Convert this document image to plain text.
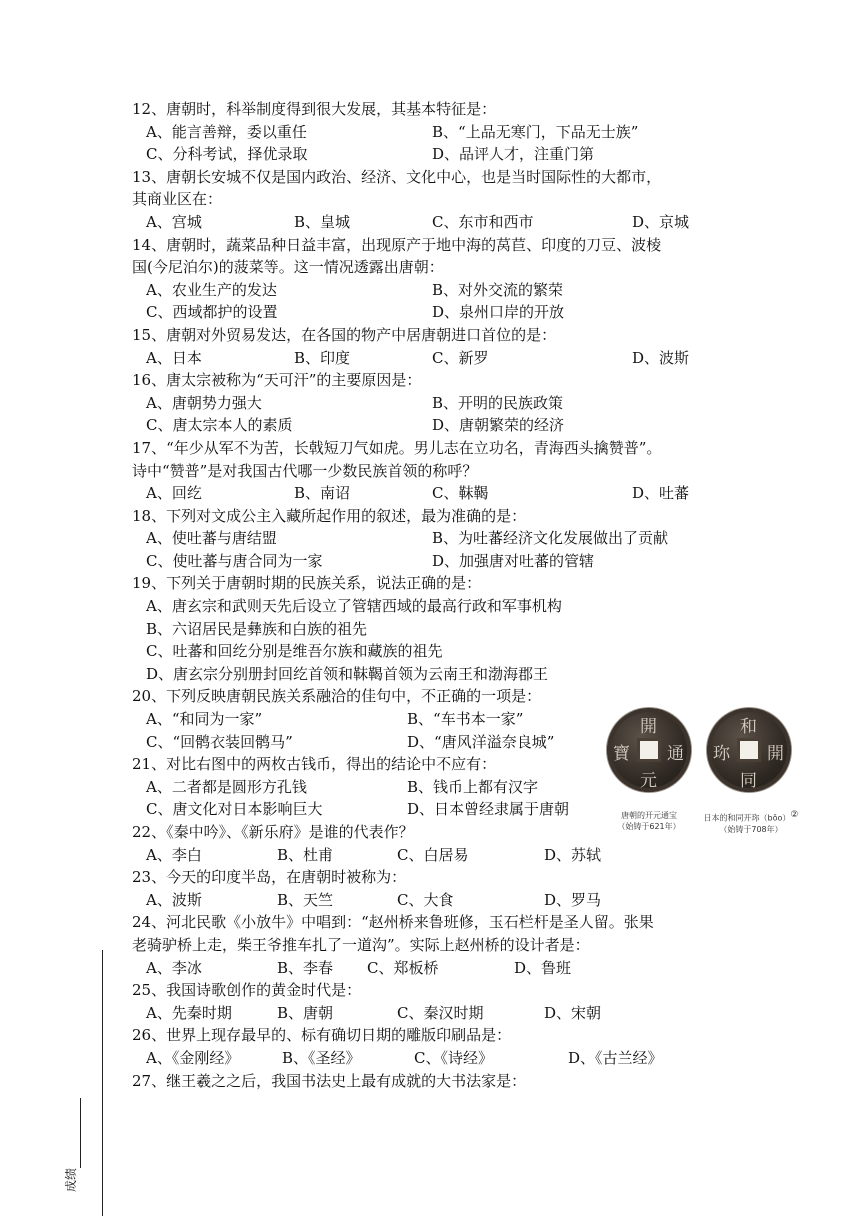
12、唐朝时，科举制度得到很大发展，其基本特征是：
A、能言善辩，委以重任	B、“上品无寒门，下品无士族”
C、分科考试，择优录取	D、品评人才，注重门第
13、唐朝长安城不仅是国内政治、经济、文化中心，也是当时国际性的大都市，
其商业区在：
A、宫城	B、皇城	C、东市和西市	D、京城
14、唐朝时，蔬菜品种日益丰富，出现原产于地中海的莴苣、印度的刀豆、波棱
国(今尼泊尔)的菠菜等。这一情况透露出唐朝：
A、农业生产的发达	B、对外交流的繁荣
C、西域都护的设置	D、泉州口岸的开放
15、唐朝对外贸易发达，在各国的物产中居唐朝进口首位的是：
A、日本	B、印度	C、新罗	D、波斯
16、唐太宗被称为“天可汗”的主要原因是：
A、唐朝势力强大	B、开明的民族政策
C、唐太宗本人的素质	D、唐朝繁荣的经济
17、“年少从军不为苦，长戟短刀气如虎。男儿志在立功名，青海西头擒赞普”。
诗中“赞普”是对我国古代哪一少数民族首领的称呼？
A、回纥	B、南诏	C、靺鞨	D、吐蕃
18、下列对文成公主入藏所起作用的叙述，最为准确的是：
A、使吐蕃与唐结盟	B、为吐蕃经济文化发展做出了贡献
C、使吐蕃与唐合同为一家	D、加强唐对吐蕃的管辖
19、下列关于唐朝时期的民族关系，说法正确的是：
A、唐玄宗和武则天先后设立了管辖西域的最高行政和军事机构
B、六诏居民是彝族和白族的祖先
C、吐蕃和回纥分别是维吾尔族和藏族的祖先
D、唐玄宗分别册封回纥首领和靺鞨首领为云南王和渤海郡王
20、下列反映唐朝民族关系融洽的佳句中，不正确的一项是：
A、“和同为一家”	B、“车书本一家”
C、“回鹘衣装回鹘马”	D、“唐风洋溢奈良城”
21、对比右图中的两枚古钱币，得出的结论中不应有：
A、二者都是圆形方孔钱	B、钱币上都有汉字
C、唐文化对日本影响巨大	D、日本曾经隶属于唐朝
22、《秦中吟》、《新乐府》是谁的代表作？
A、李白	B、杜甫	C、白居易	D、苏轼
23、今天的印度半岛，在唐朝时被称为：
A、波斯	B、天竺	C、大食	D、罗马
24、河北民歌《小放牛》中唱到：“赵州桥来鲁班修，玉石栏杆是圣人留。张果
老骑驴桥上走，柴王爷推车扎了一道沟”。实际上赵州桥的设计者是：
A、李冰	B、李春 C、郑板桥	D、鲁班
25、我国诗歌创作的黄金时代是：
A、先秦时期	B、唐朝	C、秦汉时期	D、宋朝
26、世界上现存最早的、标有确切日期的雕版印刷品是：
A、《金刚经》	B、《圣经》	C、《诗经》	D、《古兰经》
27、继王羲之之后，我国书法史上最有成就的大书法家是：
開
元
通
寶
和
同
開
珎
唐朝的开元通宝
（始铸于621年）
日本的和同开珎（bǒo）②
（始铸于708年）
成绩
